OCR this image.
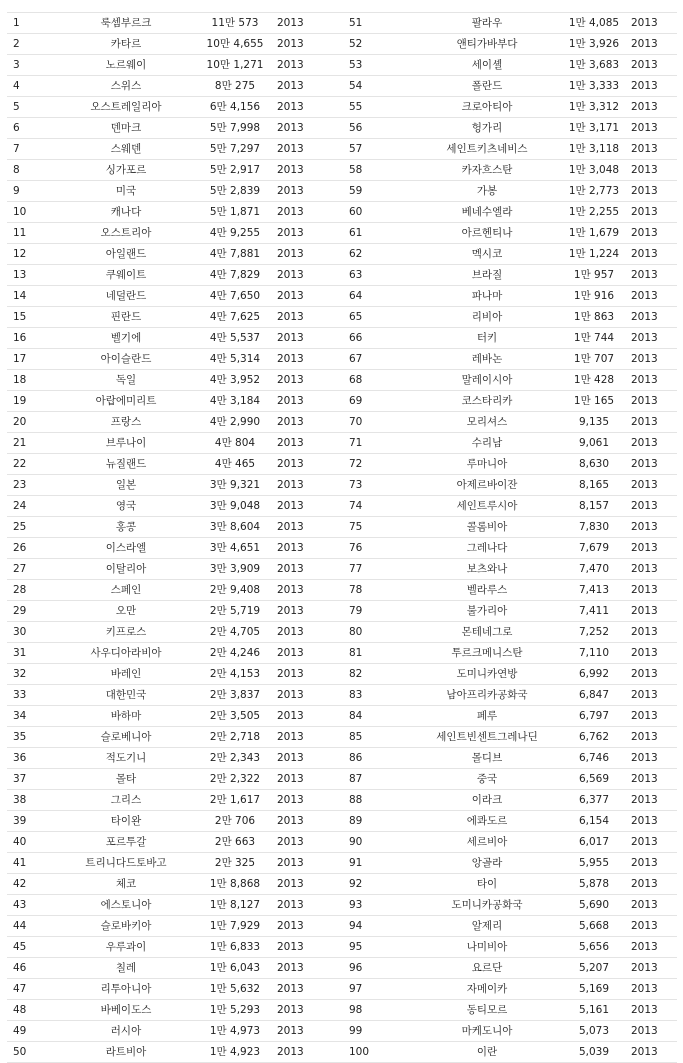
1	룩셈부르크	11만 573	2013	51	팔라우	1만 4,085	2013
2	카타르	10만 4,655	2013	52	앤티가바부다	1만 3,926	2013
3	노르웨이	10만 1,271	2013	53	세이셸	1만 3,683	2013
4	스위스	8만 275	2013	54	폴란드	1만 3,333	2013
5	오스트레일리아	6만 4,156	2013	55	크로아티아	1만 3,312	2013
6	덴마크	5만 7,998	2013	56	헝가리	1만 3,171	2013
7	스웨덴	5만 7,297	2013	57	세인트키츠네비스	1만 3,118	2013
8	싱가포르	5만 2,917	2013	58	카자흐스탄	1만 3,048	2013
9	미국	5만 2,839	2013	59	가봉	1만 2,773	2013
10	캐나다	5만 1,871	2013	60	베네수엘라	1만 2,255	2013
11	오스트리아	4만 9,255	2013	61	아르헨티나	1만 1,679	2013
12	아일랜드	4만 7,881	2013	62	멕시코	1만 1,224	2013
13	쿠웨이트	4만 7,829	2013	63	브라질	1만 957	2013
14	네덜란드	4만 7,650	2013	64	파나마	1만 916	2013
15	핀란드	4만 7,625	2013	65	리비아	1만 863	2013
16	벨기에	4만 5,537	2013	66	터키	1만 744	2013
17	아이슬란드	4만 5,314	2013	67	레바논	1만 707	2013
18	독일	4만 3,952	2013	68	말레이시아	1만 428	2013
19	아랍에미리트	4만 3,184	2013	69	코스타리카	1만 165	2013
20	프랑스	4만 2,990	2013	70	모리셔스	9,135	2013
21	브루나이	4만 804	2013	71	수리남	9,061	2013
22	뉴질랜드	4만 465	2013	72	루마니아	8,630	2013
23	일본	3만 9,321	2013	73	아제르바이잔	8,165	2013
24	영국	3만 9,048	2013	74	세인트루시아	8,157	2013
25	홍콩	3만 8,604	2013	75	콜롬비아	7,830	2013
26	이스라엘	3만 4,651	2013	76	그레나다	7,679	2013
27	이탈리아	3만 3,909	2013	77	보츠와나	7,470	2013
28	스페인	2만 9,408	2013	78	벨라루스	7,413	2013
29	오만	2만 5,719	2013	79	불가리아	7,411	2013
30	키프로스	2만 4,705	2013	80	몬테네그로	7,252	2013
31	사우디아라비아	2만 4,246	2013	81	투르크메니스탄	7,110	2013
32	바레인	2만 4,153	2013	82	도미니카연방	6,992	2013
33	대한민국	2만 3,837	2013	83	남아프리카공화국	6,847	2013
34	바하마	2만 3,505	2013	84	페루	6,797	2013
35	슬로베니아	2만 2,718	2013	85	세인트빈센트그레나딘	6,762	2013
36	적도기니	2만 2,343	2013	86	몰디브	6,746	2013
37	몰타	2만 2,322	2013	87	중국	6,569	2013
38	그리스	2만 1,617	2013	88	이라크	6,377	2013
39	타이완	2만 706	2013	89	에콰도르	6,154	2013
40	포르투갈	2만 663	2013	90	세르비아	6,017	2013
41	트리니다드토바고	2만 325	2013	91	앙골라	5,955	2013
42	체코	1만 8,868	2013	92	타이	5,878	2013
43	에스토니아	1만 8,127	2013	93	도미니카공화국	5,690	2013
44	슬로바키아	1만 7,929	2013	94	알제리	5,668	2013
45	우루과이	1만 6,833	2013	95	나미비아	5,656	2013
46	칠레	1만 6,043	2013	96	요르단	5,207	2013
47	리투아니아	1만 5,632	2013	97	자메이카	5,169	2013
48	바베이도스	1만 5,293	2013	98	동티모르	5,161	2013
49	러시아	1만 4,973	2013	99	마케도니아	5,073	2013
50	라트비아	1만 4,923	2013	100	이란	5,039	2013
